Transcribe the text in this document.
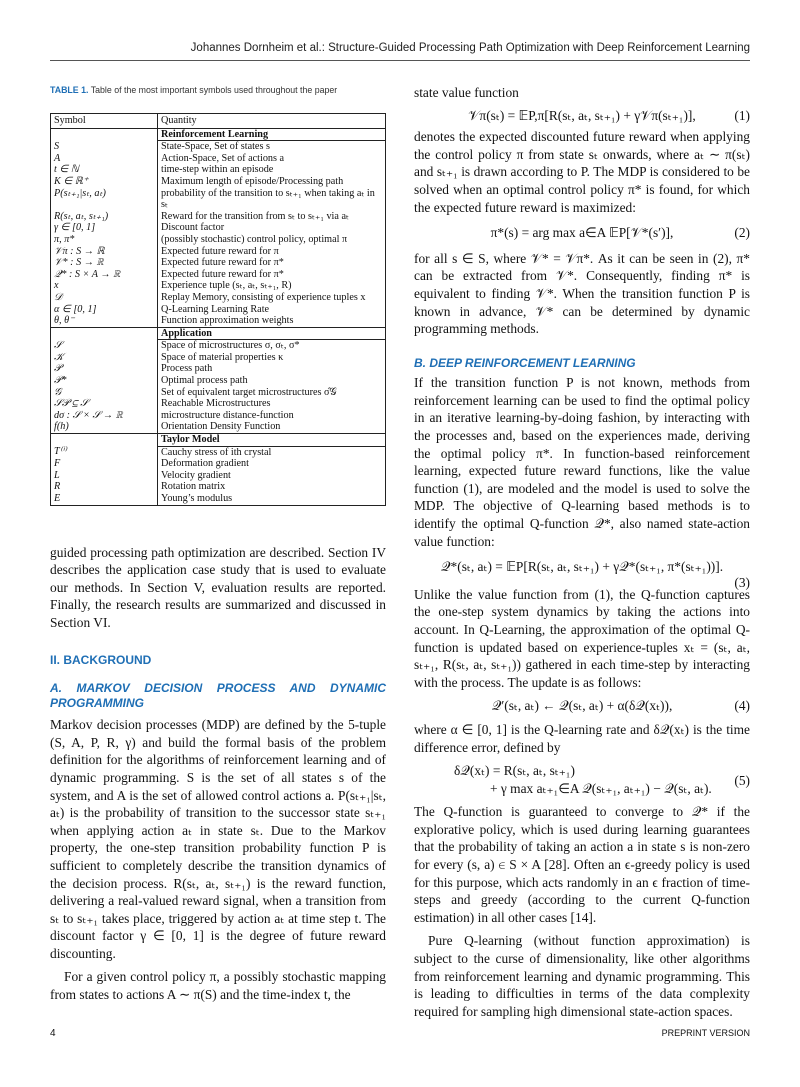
Johannes Dornheim et al.: Structure-Guided Processing Path Optimization with Deep Reinforcement Learning
TABLE 1. Table of the most important symbols used throughout the paper
Symbol	Quantity
	Reinforcement Learning
S	State-Space, Set of states s
A	Action-Space, Set of actions a
t ∈ ℕ	time-step within an episode
K ∈ ℝ⁺	Maximum length of episode/Processing path
P(sₜ₊₁|sₜ, aₜ)	probability of the transition to sₜ₊₁ when taking aₜ in sₜ
R(sₜ, aₜ, sₜ₊₁)	Reward for the transition from sₜ to sₜ₊₁ via aₜ
γ ∈ [0, 1]	Discount factor
π, π*	(possibly stochastic) control policy, optimal π
𝒱π : S → ℝ	Expected future reward for π
𝒱* : S → ℝ	Expected future reward for π*
𝒬* : S × A → ℝ	Expected future reward for π*
x	Experience tuple (sₜ, aₜ, sₜ₊₁, R)
𝒟	Replay Memory, consisting of experience tuples x
α ∈ [0, 1]	Q-Learning Learning Rate
θ, θ⁻	Function approximation weights
	Application
𝒮	Space of microstructures σ, σₜ, σ*
𝒦	Space of material properties κ
𝒫	Process path
𝒫*	Optimal process path
𝒢	Set of equivalent target microstructures σ̂𝒢
𝒮𝒫 ⊆ 𝒮	Reachable Microstructures
dσ : 𝒮 × 𝒮 → ℝ	microstructure distance-function
f(h)	Orientation Density Function
	Taylor Model
T⁽ⁱ⁾	Cauchy stress of ith crystal
F	Deformation gradient
L	Velocity gradient
R	Rotation matrix
E	Young’s modulus

guided processing path optimization are described. Section IV describes the application case study that is used to evaluate our methods. In Section V, evaluation results are reported. Finally, the research results are summarized and discussed in Section VI.

II. BACKGROUND
A. MARKOV DECISION PROCESS AND DYNAMIC PROGRAMMING

Markov decision processes (MDP) are defined by the 5-tuple (S, A, P, R, γ) and build the formal basis of the problem definition for the algorithms of reinforcement learning and of dynamic programming. S is the set of all states s of the system, and A is the set of allowed control actions a. P(sₜ₊₁|sₜ, aₜ) is the probability of transition to the successor state sₜ₊₁ when applying action aₜ in state sₜ. Due to the Markov property, the one-step transition probability function P is sufficient to completely describe the transition dynamics of the decision process. R(sₜ, aₜ, sₜ₊₁) is the reward function, delivering a real-valued reward signal, when a transition from sₜ to sₜ₊₁ takes place, triggered by action aₜ at time step t. The discount factor γ ∈ [0, 1] is the degree of future reward discounting.

For a given control policy π, a possibly stochastic mapping from states to actions A ∼ π(S) and the time-index t, the

state value function

𝒱π(sₜ) = 𝔼P,π[R(sₜ, aₜ, sₜ₊₁) + γ𝒱π(sₜ₊₁)],	(1)

denotes the expected discounted future reward when applying the control policy π from state sₜ onwards, where aₜ ∼ π(sₜ) and sₜ₊₁ is drawn according to P. The MDP is considered to be solved when an optimal control policy π* is found, for which the expected future reward is maximized:

π*(s) = arg max a∈A 𝔼P[𝒱*(s′)],	(2)

for all s ∈ S, where 𝒱* = 𝒱π*. As it can be seen in (2), π* can be extracted from 𝒱*. Consequently, finding π* is equivalent to finding 𝒱*. When the transition function P is known in advance, 𝒱* can be determined by dynamic programming methods.

B. DEEP REINFORCEMENT LEARNING

If the transition function P is not known, methods from reinforcement learning can be used to find the optimal policy in an iterative learning-by-doing fashion, by interacting with the processes and, based on the experiences made, deriving the optimal policy π*. In function-based reinforcement learning, expected future reward functions, like the value function (1), are modeled and the model is used to solve the MDP. The objective of Q-learning based methods is to identify the optimal Q-function 𝒬*, also named state-action value function:

𝒬*(sₜ, aₜ) = 𝔼P[R(sₜ, aₜ, sₜ₊₁) + γ𝒬*(sₜ₊₁, π*(sₜ₊₁))].
(3)

Unlike the value function from (1), the Q-function captures the one-step system dynamics by taking the actions into account. In Q-Learning, the approximation of the optimal Q-function is updated based on experience-tuples xₜ = (sₜ, aₜ, sₜ₊₁, R(sₜ, aₜ, sₜ₊₁)) gathered in each time-step by interacting with the process. The update is as follows:

𝒬′(sₜ, aₜ) ← 𝒬(sₜ, aₜ) + α(δ𝒬(xₜ)),	(4)

where α ∈ [0, 1] is the Q-learning rate and δ𝒬(xₜ) is the time difference error, defined by

δ𝒬(xₜ) = R(sₜ, aₜ, sₜ₊₁)
+ γ max aₜ₊₁∈A 𝒬(sₜ₊₁, aₜ₊₁) − 𝒬(sₜ, aₜ).
(5)

The Q-function is guaranteed to converge to 𝒬* if the explorative policy, which is used during learning guarantees that the probability of taking an action a in state s is non-zero for every (s, a) ∈ S × A [28]. Often an ϵ-greedy policy is used for this purpose, which acts randomly in an ϵ fraction of time-steps and greedy (according to the current Q-function estimation) in all other cases [14].

Pure Q-learning (without function approximation) is subject to the curse of dimensionality, like other algorithms from reinforcement learning and dynamic programming. This is leading to difficulties in terms of the data complexity required for sampling high dimensional state-action spaces.

4	PREPRINT VERSION
